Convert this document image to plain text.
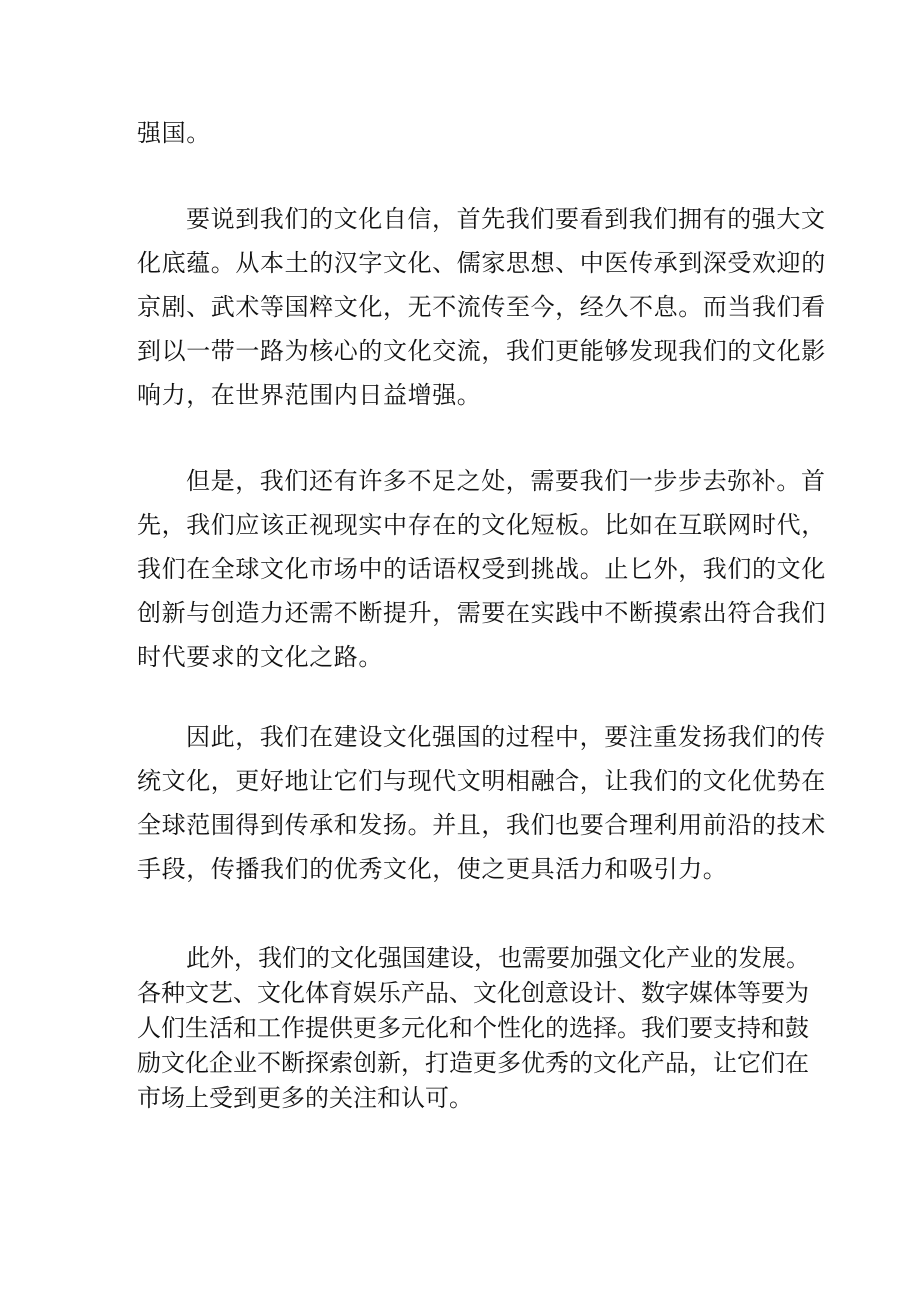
强国。
要说到我们的文化自信，首先我们要看到我们拥有的强大文
化底蕴。从本土的汉字文化、儒家思想、中医传承到深受欢迎的
京剧、武术等国粹文化，无不流传至今，经久不息。而当我们看
到以一带一路为核心的文化交流，我们更能够发现我们的文化影
响力，在世界范围内日益增强。
但是，我们还有许多不足之处，需要我们一步步去弥补。首
先，我们应该正视现实中存在的文化短板。比如在互联网时代，
我们在全球文化市场中的话语权受到挑战。止匕外，我们的文化
创新与创造力还需不断提升，需要在实践中不断摸索出符合我们
时代要求的文化之路。
因此，我们在建设文化强国的过程中，要注重发扬我们的传
统文化，更好地让它们与现代文明相融合，让我们的文化优势在
全球范围得到传承和发扬。并且，我们也要合理利用前沿的技术
手段，传播我们的优秀文化，使之更具活力和吸引力。
此外，我们的文化强国建设，也需要加强文化产业的发展。
各种文艺、文化体育娱乐产品、文化创意设计、数字媒体等要为
人们生活和工作提供更多元化和个性化的选择。我们要支持和鼓
励文化企业不断探索创新，打造更多优秀的文化产品，让它们在
市场上受到更多的关注和认可。
